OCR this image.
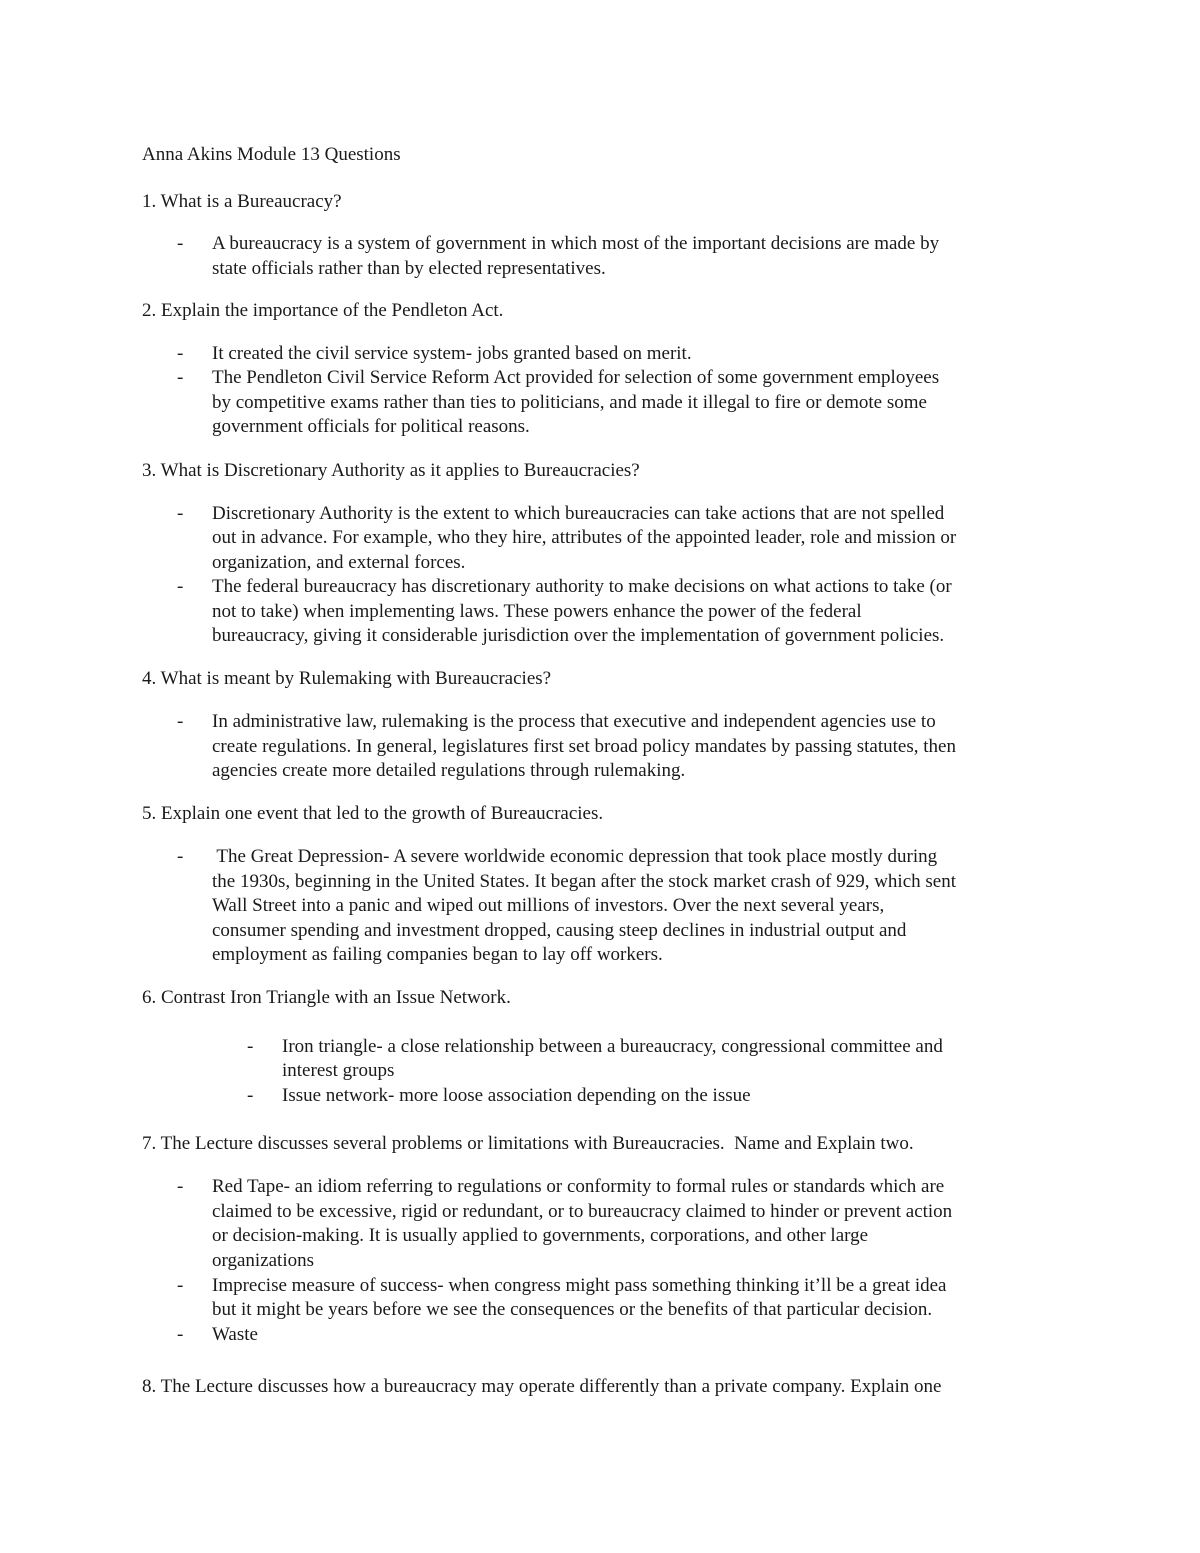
Anna Akins Module 13 Questions
1. What is a Bureaucracy?
- A bureaucracy is a system of government in which most of the important decisions are made by
state officials rather than by elected representatives.
2. Explain the importance of the Pendleton Act.
- It created the civil service system- jobs granted based on merit.
- The Pendleton Civil Service Reform Act provided for selection of some government employees
by competitive exams rather than ties to politicians, and made it illegal to fire or demote some
government officials for political reasons.
3. What is Discretionary Authority as it applies to Bureaucracies?
- Discretionary Authority is the extent to which bureaucracies can take actions that are not spelled
out in advance. For example, who they hire, attributes of the appointed leader, role and mission or
organization, and external forces.
- The federal bureaucracy has discretionary authority to make decisions on what actions to take (or
not to take) when implementing laws. These powers enhance the power of the federal
bureaucracy, giving it considerable jurisdiction over the implementation of government policies.
4. What is meant by Rulemaking with Bureaucracies?
- In administrative law, rulemaking is the process that executive and independent agencies use to
create regulations. In general, legislatures first set broad policy mandates by passing statutes, then
agencies create more detailed regulations through rulemaking.
5. Explain one event that led to the growth of Bureaucracies.
- The Great Depression- A severe worldwide economic depression that took place mostly during
the 1930s, beginning in the United States. It began after the stock market crash of 929, which sent
Wall Street into a panic and wiped out millions of investors. Over the next several years,
consumer spending and investment dropped, causing steep declines in industrial output and
employment as failing companies began to lay off workers.
6. Contrast Iron Triangle with an Issue Network.
- Iron triangle- a close relationship between a bureaucracy, congressional committee and
interest groups
- Issue network- more loose association depending on the issue
7. The Lecture discusses several problems or limitations with Bureaucracies.  Name and Explain two.
- Red Tape- an idiom referring to regulations or conformity to formal rules or standards which are
claimed to be excessive, rigid or redundant, or to bureaucracy claimed to hinder or prevent action
or decision-making. It is usually applied to governments, corporations, and other large
organizations
- Imprecise measure of success- when congress might pass something thinking it’ll be a great idea
but it might be years before we see the consequences or the benefits of that particular decision.
- Waste
8. The Lecture discusses how a bureaucracy may operate differently than a private company. Explain one
